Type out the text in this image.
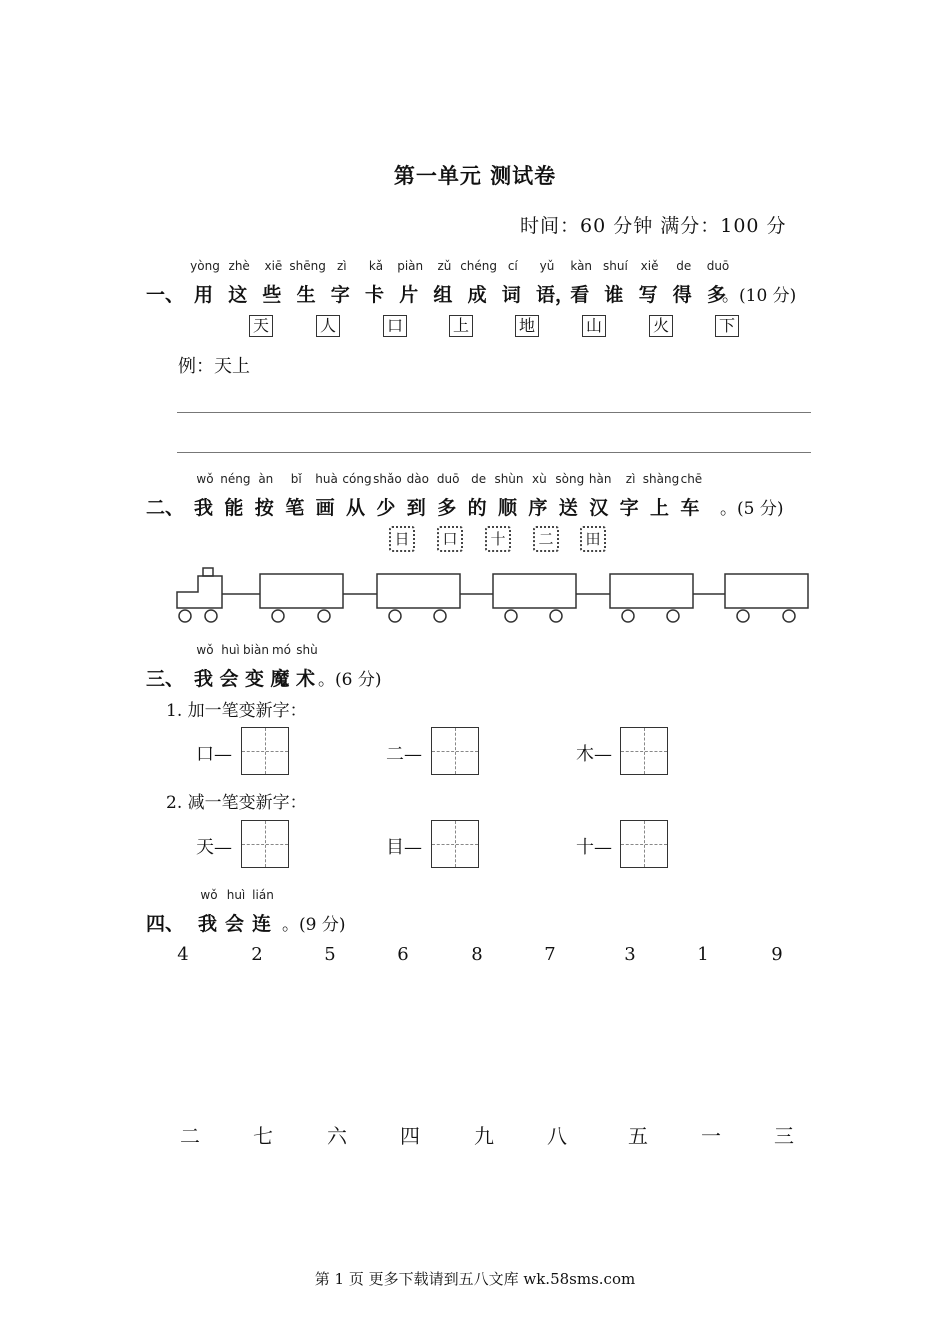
第一单元 测试卷
时间：60 分钟 满分：100 分
一、
yòng
用
zhè
这
xiē
些
shēng
生
zì
字
kǎ
卡
piàn
片
zǔ
组
chéng
成
cí
词
yǔ
语，
kàn
看
shuí
谁
xiě
写
de
得
duō
多
。(10 分)
天	人	口	上	地	山	火	下
例：天上
二、
wǒ
我
néng
能
àn
按
bǐ
笔
huà
画
cóng
从
shǎo
少
dào
到
duō
多
de
的
shùn
顺
xù
序
sòng
送
hàn
汉
zì
字
shàng
上
chē
车 。(5 分)
日	口	十	二	田
三、
wǒ
我
huì
会
biàn
变
mó
魔
shù
术 。(6 分)
1. 加一笔变新字：
口—	二—	木—
2. 减一笔变新字：
天—	目—	十—
四、
wǒ
我
huì
会
lián
连 。(9 分)
4	2	5	6	8	7	3	1	9
二	七	六	四	九	八	五	一	三
第 1 页 更多下载请到五八文库 wk.58sms.com
